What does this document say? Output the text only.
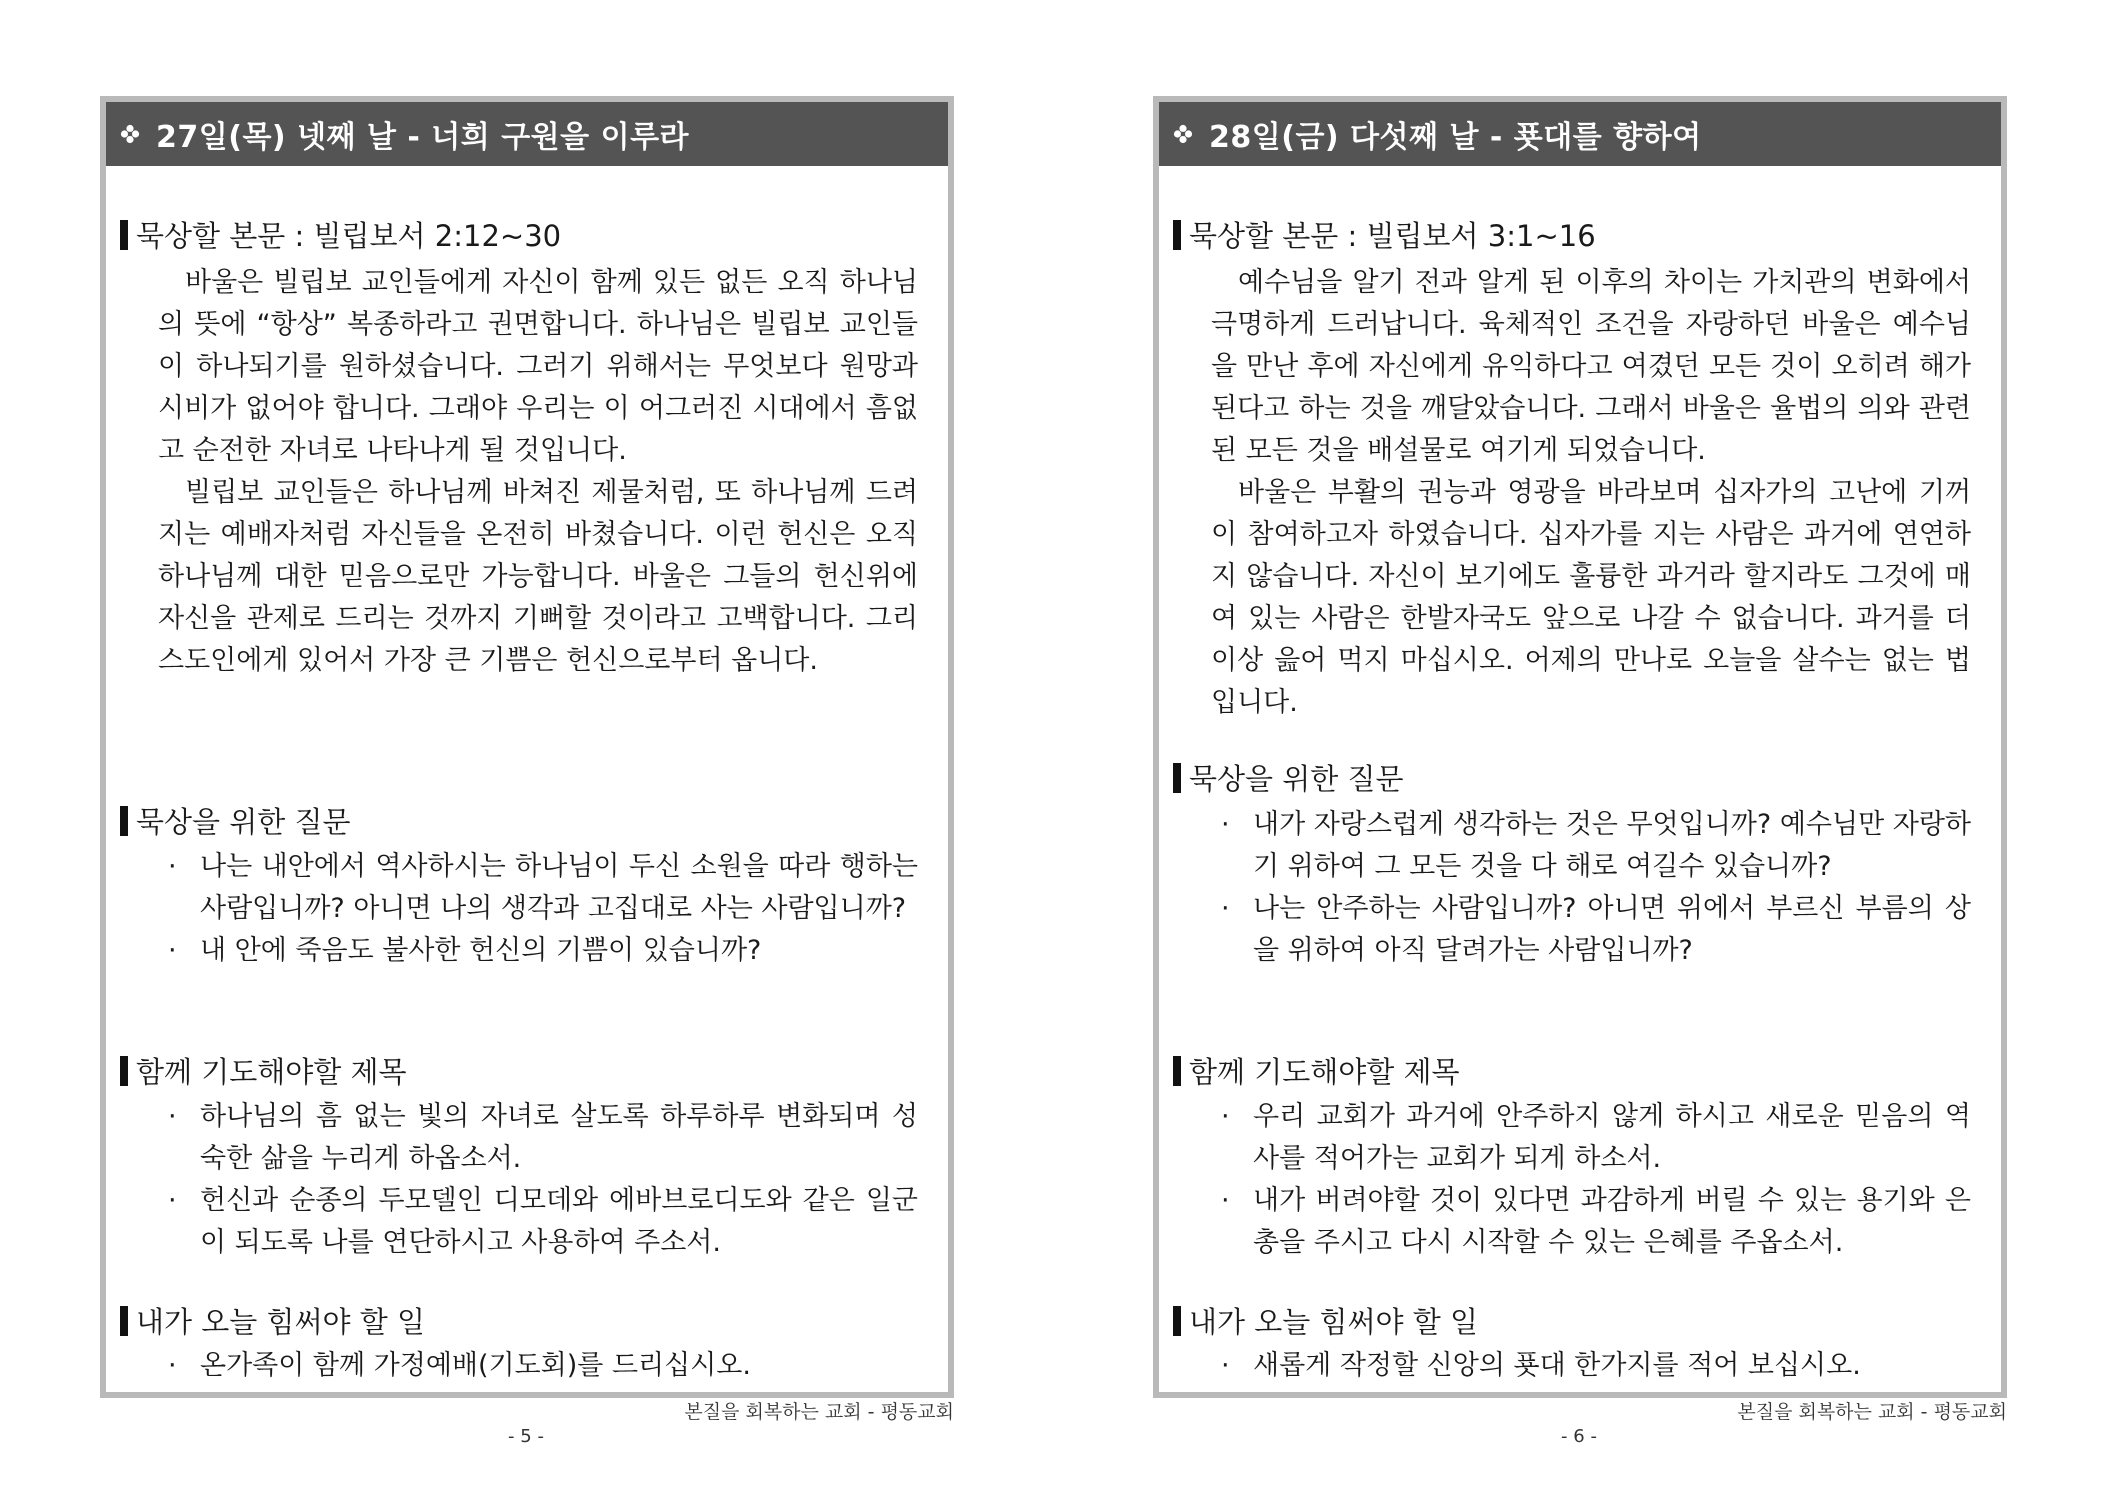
27일(목) 넷째 날 - 너희 구원을 이루라
묵상할 본문 : 빌립보서 2:12~30

바울은 빌립보 교인들에게 자신이 함께 있든 없든 오직 하나님의 뜻에 “항상” 복종하라고 권면합니다. 하나님은 빌립보 교인들이 하나되기를 원하셨습니다. 그러기 위해서는 무엇보다 원망과 시비가 없어야 합니다. 그래야 우리는 이 어그러진 시대에서 흠없고 순전한 자녀로 나타나게 될 것입니다.

빌립보 교인들은 하나님께 바쳐진 제물처럼, 또 하나님께 드려지는 예배자처럼 자신들을 온전히 바쳤습니다. 이런 헌신은 오직 하나님께 대한 믿음으로만 가능합니다. 바울은 그들의 헌신위에 자신을 관제로 드리는 것까지 기뻐할 것이라고 고백합니다. 그리스도인에게 있어서 가장 큰 기쁨은 헌신으로부터 옵니다.

묵상을 위한 질문
· 나는 내안에서 역사하시는 하나님이 두신 소원을 따라 행하는 사람입니까? 아니면 나의 생각과 고집대로 사는 사람입니까?
· 내 안에 죽음도 불사한 헌신의 기쁨이 있습니까?
함께 기도해야할 제목
· 하나님의 흠 없는 빛의 자녀로 살도록 하루하루 변화되며 성숙한 삶을 누리게 하옵소서.
· 헌신과 순종의 두모델인 디모데와 에바브로디도와 같은 일군이 되도록 나를 연단하시고 사용하여 주소서.
내가 오늘 힘써야 할 일
· 온가족이 함께 가정예배(기도회)를 드리십시오.
본질을 회복하는 교회 - 평동교회
- 5 -
28일(금) 다섯째 날 - 푯대를 향하여
묵상할 본문 : 빌립보서 3:1~16

예수님을 알기 전과 알게 된 이후의 차이는 가치관의 변화에서 극명하게 드러납니다. 육체적인 조건을 자랑하던 바울은 예수님을 만난 후에 자신에게 유익하다고 여겼던 모든 것이 오히려 해가 된다고 하는 것을 깨달았습니다. 그래서 바울은 율법의 의와 관련된 모든 것을 배설물로 여기게 되었습니다.

바울은 부활의 권능과 영광을 바라보며 십자가의 고난에 기꺼이 참여하고자 하였습니다. 십자가를 지는 사람은 과거에 연연하지 않습니다. 자신이 보기에도 훌륭한 과거라 할지라도 그것에 매여 있는 사람은 한발자국도 앞으로 나갈 수 없습니다. 과거를 더 이상 읊어 먹지 마십시오. 어제의 만나로 오늘을 살수는 없는 법입니다.

묵상을 위한 질문
· 내가 자랑스럽게 생각하는 것은 무엇입니까? 예수님만 자랑하기 위하여 그 모든 것을 다 해로 여길수 있습니까?
· 나는 안주하는 사람입니까? 아니면 위에서 부르신 부름의 상을 위하여 아직 달려가는 사람입니까?
함께 기도해야할 제목
· 우리 교회가 과거에 안주하지 않게 하시고 새로운 믿음의 역사를 적어가는 교회가 되게 하소서.
· 내가 버려야할 것이 있다면 과감하게 버릴 수 있는 용기와 은총을 주시고 다시 시작할 수 있는 은혜를 주옵소서.
내가 오늘 힘써야 할 일
· 새롭게 작정할 신앙의 푯대 한가지를 적어 보십시오.
본질을 회복하는 교회 - 평동교회
- 6 -
